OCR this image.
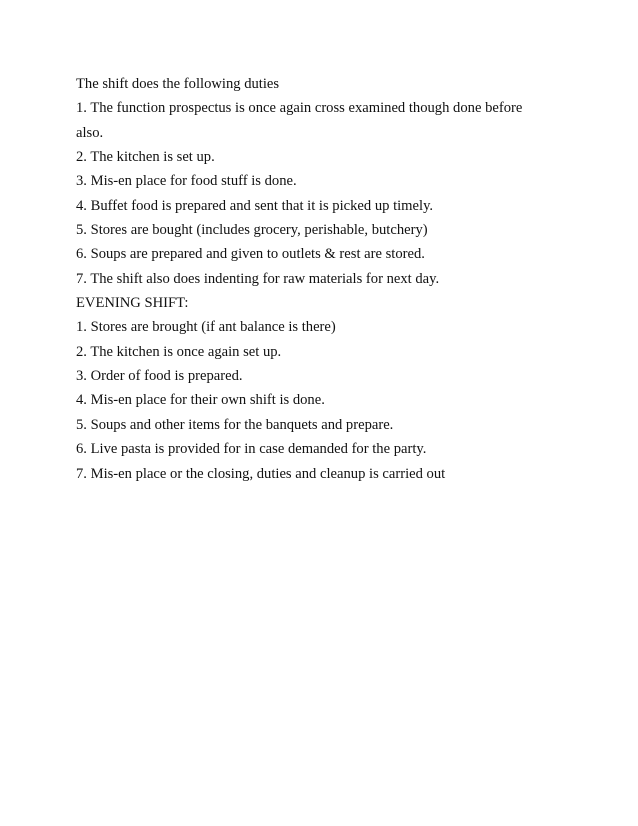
The shift does the following duties
1. The function prospectus is once again cross examined though done before
also.
2. The kitchen is set up.
3. Mis-en place for food stuff is done.
4. Buffet food is prepared and sent that it is picked up timely.
5. Stores are bought (includes grocery, perishable, butchery)
6. Soups are prepared and given to outlets & rest are stored.
7. The shift also does indenting for raw materials for next day.
EVENING SHIFT:
1. Stores are brought (if ant balance is there)
2. The kitchen is once again set up.
3. Order of food is prepared.
4. Mis-en place for their own shift is done.
5. Soups and other items for the banquets and prepare.
6. Live pasta is provided for in case demanded for the party.
7. Mis-en place or the closing, duties and cleanup is carried out
